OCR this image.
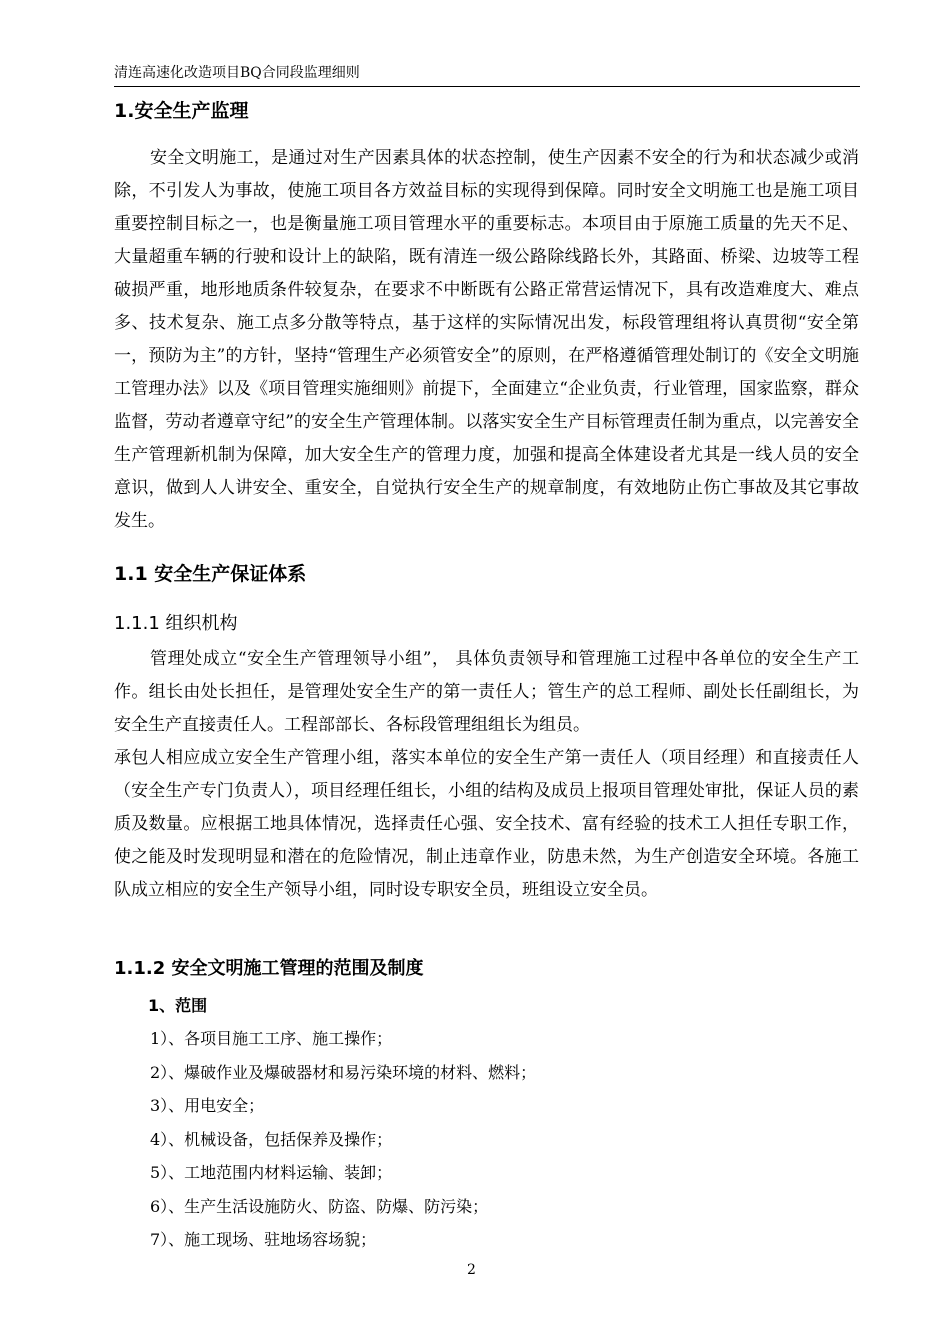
清连高速化改造项目BQ合同段监理细则
1.安全生产监理

安全文明施工，是通过对生产因素具体的状态控制，使生产因素不安全的行为和状态减少或消除，不引发人为事故，使施工项目各方效益目标的实现得到保障。同时安全文明施工也是施工项目重要控制目标之一，也是衡量施工项目管理水平的重要标志。本项目由于原施工质量的先天不足、大量超重车辆的行驶和设计上的缺陷，既有清连一级公路除线路长外，其路面、桥梁、边坡等工程破损严重，地形地质条件较复杂，在要求不中断既有公路正常营运情况下，具有改造难度大、难点多、技术复杂、施工点多分散等特点，基于这样的实际情况出发，标段管理组将认真贯彻“安全第一，预防为主”的方针，坚持“管理生产必须管安全”的原则，在严格遵循管理处制订的《安全文明施工管理办法》以及《项目管理实施细则》前提下，全面建立“企业负责，行业管理，国家监察，群众监督，劳动者遵章守纪”的安全生产管理体制。以落实安全生产目标管理责任制为重点，以完善安全生产管理新机制为保障，加大安全生产的管理力度，加强和提高全体建设者尤其是一线人员的安全意识，做到人人讲安全、重安全，自觉执行安全生产的规章制度，有效地防止伤亡事故及其它事故发生。

1.1 安全生产保证体系
1.1.1 组织机构

管理处成立“安全生产管理领导小组”， 具体负责领导和管理施工过程中各单位的安全生产工作。组长由处长担任，是管理处安全生产的第一责任人；管生产的总工程师、副处长任副组长，为安全生产直接责任人。工程部部长、各标段管理组组长为组员。

承包人相应成立安全生产管理小组，落实本单位的安全生产第一责任人（项目经理）和直接责任人（安全生产专门负责人），项目经理任组长，小组的结构及成员上报项目管理处审批，保证人员的素质及数量。应根据工地具体情况，选择责任心强、安全技术、富有经验的技术工人担任专职工作，使之能及时发现明显和潜在的危险情况，制止违章作业，防患未然，为生产创造安全环境。各施工队成立相应的安全生产领导小组，同时设专职安全员，班组设立安全员。

1.1.2 安全文明施工管理的范围及制度
1、范围
1）、各项目施工工序、施工操作；
2）、爆破作业及爆破器材和易污染环境的材料、燃料；
3）、用电安全；
4）、机械设备，包括保养及操作；
5）、工地范围内材料运输、装卸；
6）、生产生活设施防火、防盗、防爆、防污染；
7）、施工现场、驻地场容场貌；
2
